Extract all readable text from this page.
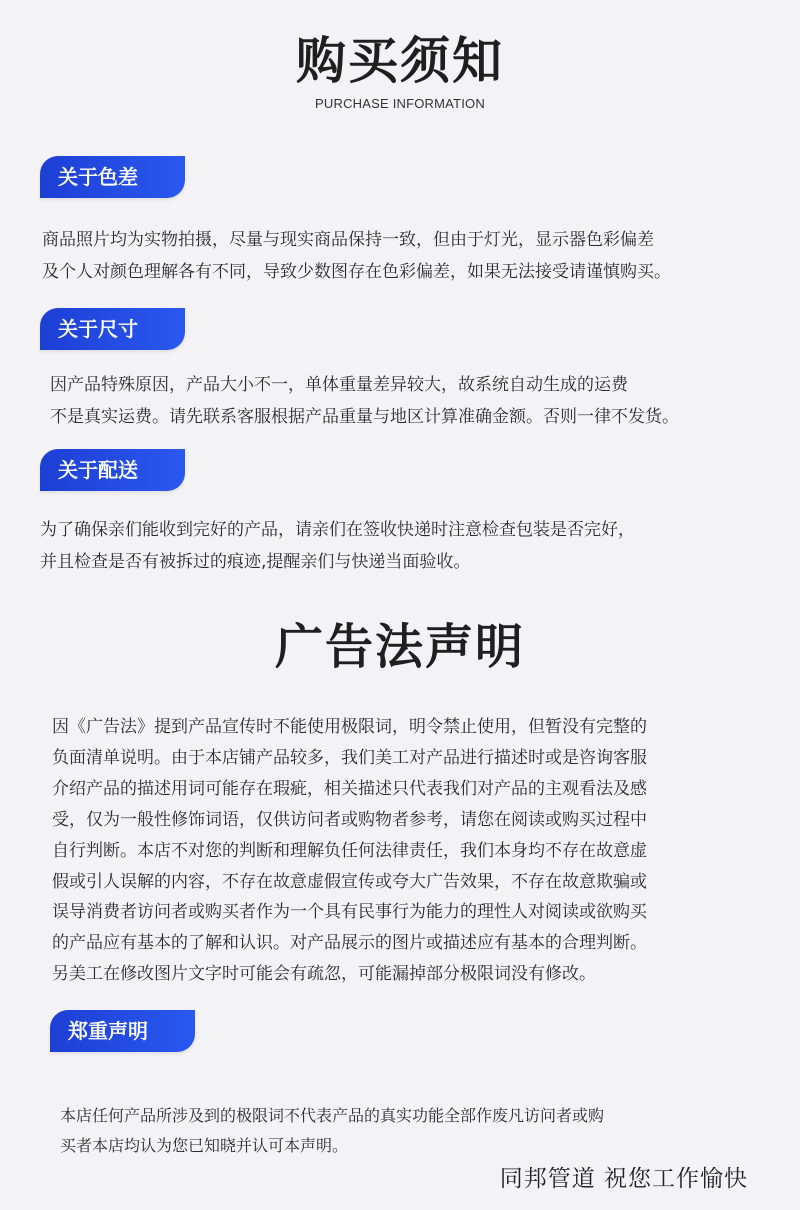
购买须知
PURCHASE INFORMATION
关于色差

商品照片均为实物拍摄，尽量与现实商品保持一致，但由于灯光，显示器色彩偏差

及个人对颜色理解各有不同，导致少数图存在色彩偏差，如果无法接受请谨慎购买。

关于尺寸

因产品特殊原因，产品大小不一，单体重量差异较大，故系统自动生成的运费

不是真实运费。请先联系客服根据产品重量与地区计算准确金额。否则一律不发货。

关于配送

为了确保亲们能收到完好的产品，请亲们在签收快递时注意检查包装是否完好，

并且检查是否有被拆过的痕迹,提醒亲们与快递当面验收。

广告法声明

因《广告法》提到产品宣传时不能使用极限词，明令禁止使用，但暂没有完整的

负面清单说明。由于本店铺产品较多，我们美工对产品进行描述时或是咨询客服

介绍产品的描述用词可能存在瑕疵，相关描述只代表我们对产品的主观看法及感

受，仅为一般性修饰词语，仅供访问者或购物者参考，请您在阅读或购买过程中

自行判断。本店不对您的判断和理解负任何法律责任，我们本身均不存在故意虚

假或引人误解的内容，不存在故意虚假宣传或夸大广告效果，不存在故意欺骗或

误导消费者访问者或购买者作为一个具有民事行为能力的理性人对阅读或欲购买

的产品应有基本的了解和认识。对产品展示的图片或描述应有基本的合理判断。

另美工在修改图片文字时可能会有疏忽，可能漏掉部分极限词没有修改。

郑重声明

本店任何产品所涉及到的极限词不代表产品的真实功能全部作废凡访问者或购

买者本店均认为您已知晓并认可本声明。

同邦管道 祝您工作愉快
